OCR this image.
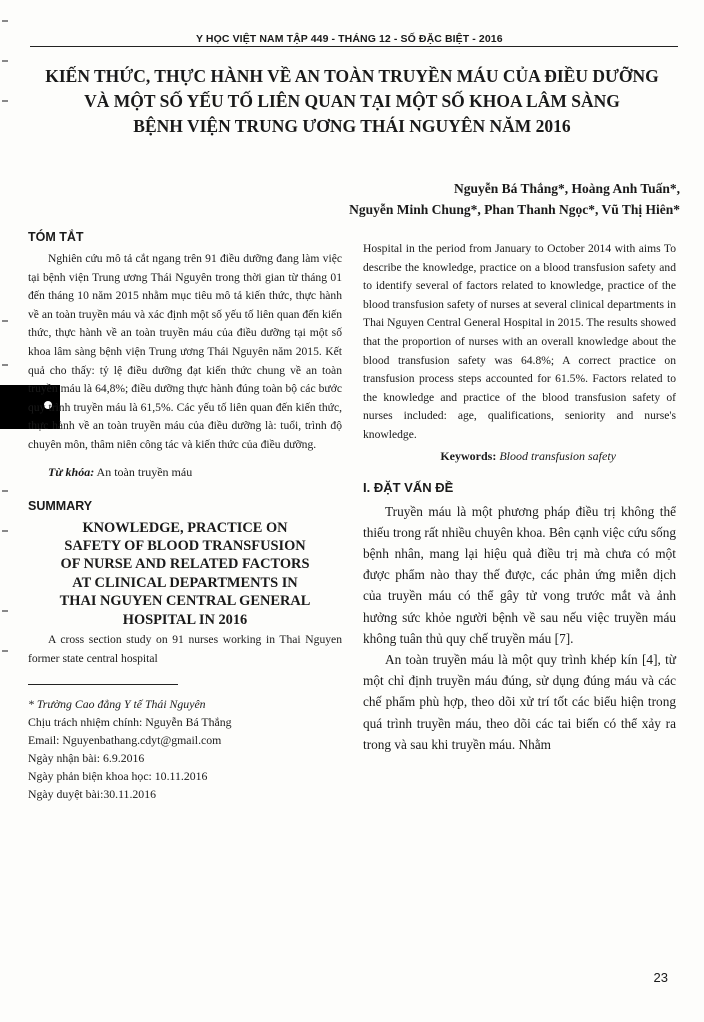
Y HỌC VIỆT NAM TẬP 449 - THÁNG 12 - SỐ ĐẶC BIỆT - 2016
KIẾN THỨC, THỰC HÀNH VỀ AN TOÀN TRUYỀN MÁU CỦA ĐIỀU DƯỠNG
VÀ MỘT SỐ YẾU TỐ LIÊN QUAN TẠI MỘT SỐ KHOA LÂM SÀNG
BỆNH VIỆN TRUNG ƯƠNG THÁI NGUYÊN NĂM 2016
Nguyễn Bá Thắng*, Hoàng Anh Tuấn*,
Nguyễn Minh Chung*, Phan Thanh Ngọc*, Vũ Thị Hiên*
TÓM TẮT

Nghiên cứu mô tả cắt ngang trên 91 điều dưỡng đang làm việc tại bệnh viện Trung ương Thái Nguyên trong thời gian từ tháng 01 đến tháng 10 năm 2015 nhằm mục tiêu mô tả kiến thức, thực hành về an toàn truyền máu và xác định một số yếu tố liên quan đến kiến thức, thực hành về an toàn truyền máu của điều dưỡng tại một số khoa lâm sàng bệnh viện Trung ương Thái Nguyên năm 2015. Kết quả cho thấy: tỷ lệ điều dưỡng đạt kiến thức chung về an toàn truyền máu là 64,8%; điều dưỡng thực hành đúng toàn bộ các bước quy trình truyền máu là 61,5%. Các yếu tố liên quan đến kiến thức, thực hành về an toàn truyền máu của điều dưỡng là: tuổi, trình độ chuyên môn, thâm niên công tác và kiến thức của điều dưỡng.

Từ khóa: An toàn truyền máu
SUMMARY
KNOWLEDGE, PRACTICE ON
SAFETY OF BLOOD TRANSFUSION
OF NURSE AND RELATED FACTORS
AT CLINICAL DEPARTMENTS IN
THAI NGUYEN CENTRAL GENERAL
HOSPITAL IN 2016

A cross section study on 91 nurses working in Thai Nguyen former state central hospital

* Trường Cao đẳng Y tế Thái Nguyên
Chịu trách nhiệm chính: Nguyễn Bá Thắng
Email: Nguyenbathang.cdyt@gmail.com
Ngày nhận bài: 6.9.2016
Ngày phản biện khoa học: 10.11.2016
Ngày duyệt bài:30.11.2016

Hospital in the period from January to October 2014 with aims To describe the knowledge, practice on a blood transfusion safety and to identify several of factors related to knowledge, practice of the blood transfusion safety of nurses at several clinical departments in Thai Nguyen Central General Hospital in 2015. The results showed that the proportion of nurses with an overall knowledge about the blood transfusion safety was 64.8%; A correct practice on transfusion process steps accounted for 61.5%. Factors related to the knowledge and practice of the blood transfusion safety of nurses included: age, qualifications, seniority and nurse's knowledge.

Keywords: Blood transfusion safety
I. ĐẶT VẤN ĐỀ

Truyền máu là một phương pháp điều trị không thể thiếu trong rất nhiều chuyên khoa. Bên cạnh việc cứu sống bệnh nhân, mang lại hiệu quả điều trị mà chưa có một được phẩm nào thay thế được, các phản ứng miễn dịch của truyền máu có thể gây tử vong trước mắt và ảnh hưởng sức khỏe người bệnh về sau nếu việc truyền máu không tuân thủ quy chế truyền máu [7].

An toàn truyền máu là một quy trình khép kín [4], từ một chỉ định truyền máu đúng, sử dụng đúng máu và các chế phẩm phù hợp, theo dõi xử trí tốt các biểu hiện trong quá trình truyền máu, theo dõi các tai biến có thể xảy ra trong và sau khi truyền máu. Nhằm

23
